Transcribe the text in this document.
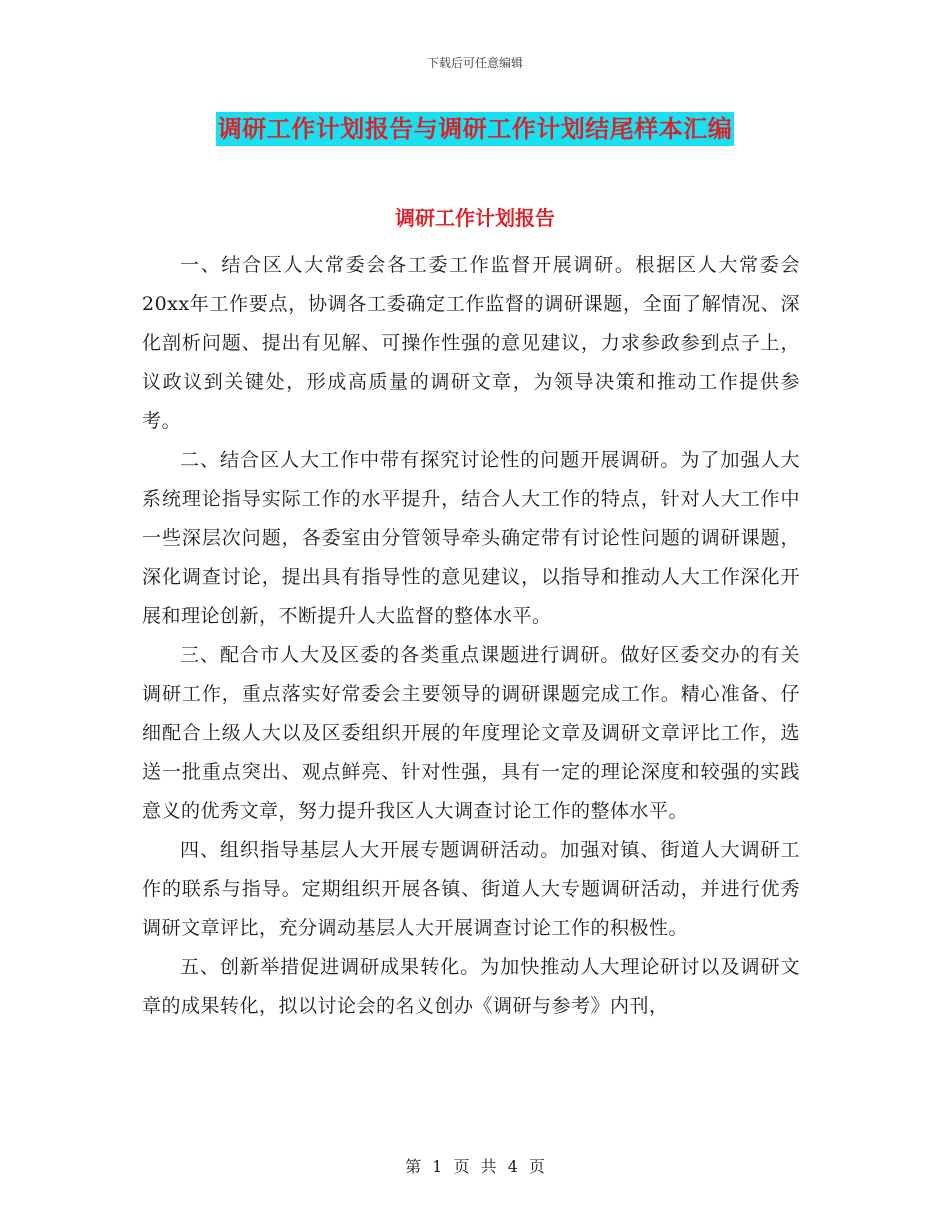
下载后可任意编辑
调研工作计划报告与调研工作计划结尾样本汇编
调研工作计划报告

一、结合区人大常委会各工委工作监督开展调研。根据区人大常委会20xx年工作要点，协调各工委确定工作监督的调研课题，全面了解情况、深化剖析问题、提出有见解、可操作性强的意见建议，力求参政参到点子上，议政议到关键处，形成高质量的调研文章，为领导决策和推动工作提供参考。

二、结合区人大工作中带有探究讨论性的问题开展调研。为了加强人大系统理论指导实际工作的水平提升，结合人大工作的特点，针对人大工作中一些深层次问题，各委室由分管领导牵头确定带有讨论性问题的调研课题，深化调查讨论，提出具有指导性的意见建议，以指导和推动人大工作深化开展和理论创新，不断提升人大监督的整体水平。

三、配合市人大及区委的各类重点课题进行调研。做好区委交办的有关调研工作，重点落实好常委会主要领导的调研课题完成工作。精心准备、仔细配合上级人大以及区委组织开展的年度理论文章及调研文章评比工作，选送一批重点突出、观点鲜亮、针对性强，具有一定的理论深度和较强的实践意义的优秀文章，努力提升我区人大调查讨论工作的整体水平。

四、组织指导基层人大开展专题调研活动。加强对镇、街道人大调研工作的联系与指导。定期组织开展各镇、街道人大专题调研活动，并进行优秀调研文章评比，充分调动基层人大开展调查讨论工作的积极性。

五、创新举措促进调研成果转化。为加快推动人大理论研讨以及调研文章的成果转化，拟以讨论会的名义创办《调研与参考》内刊，

第 1 页 共 4 页
